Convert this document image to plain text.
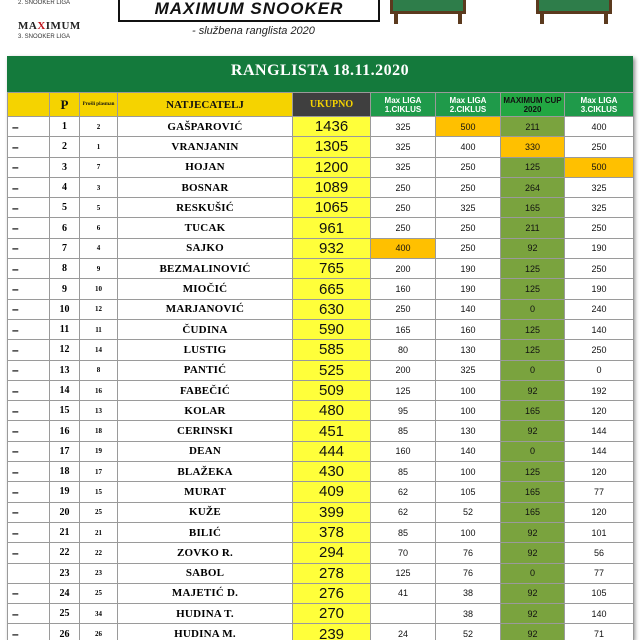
2. SNOOKER LIGA
MAXIMUM
3. SNOOKER LIGA
MAXIMUM SNOOKER
- službena ranglista 2020
RANGLISTA 18.11.2020
	P	Prošli plasman	NATJECATELJ	UKUPNO	Max LIGA 1.CIKLUS	Max LIGA 2.CIKLUS	MAXIMUM CUP 2020	Max LIGA 3.CIKLUS
–	1	2	GAŠPAROVIĆ	1436	325	500	211	400
–	2	1	VRANJANIN	1305	325	400	330	250
–	3	7	HOJAN	1200	325	250	125	500
–	4	3	BOSNAR	1089	250	250	264	325
–	5	5	RESKUŠIĆ	1065	250	325	165	325
–	6	6	TUCAK	961	250	250	211	250
–	7	4	SAJKO	932	400	250	92	190
–	8	9	BEZMALINOVIĆ	765	200	190	125	250
–	9	10	MIOČIĆ	665	160	190	125	190
–	10	12	MARJANOVIĆ	630	250	140	0	240
–	11	11	ČUDINA	590	165	160	125	140
–	12	14	LUSTIG	585	80	130	125	250
–	13	8	PANTIĆ	525	200	325	0	0
–	14	16	FABEČIĆ	509	125	100	92	192
–	15	13	KOLAR	480	95	100	165	120
–	16	18	CERINSKI	451	85	130	92	144
–	17	19	DEAN	444	160	140	0	144
–	18	17	BLAŽEKA	430	85	100	125	120
–	19	15	MURAT	409	62	105	165	77
–	20	25	KUŽE	399	62	52	165	120
–	21	21	BILIĆ	378	85	100	92	101
–	22	22	ZOVKO R.	294	70	76	92	56
	23	23	SABOL	278	125	76	0	77
–	24	25	MAJETIĆ D.	276	41	38	92	105
–	25	34	HUDINA T.	270		38	92	140
–	26	26	HUDINA M.	239	24	52	92	71
